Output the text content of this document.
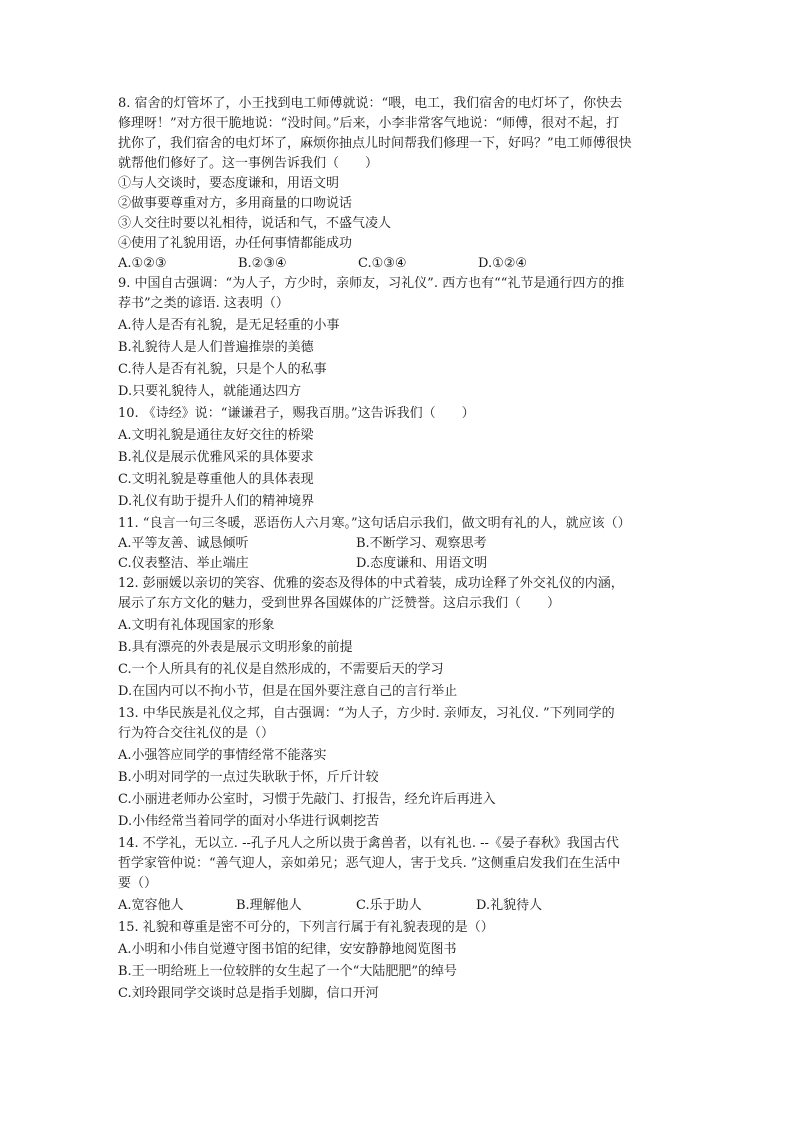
8. 宿舍的灯管坏了，小王找到电工师傅就说：“喂，电工，我们宿舍的电灯坏了，你快去
修理呀！”对方很干脆地说：“没时间。”后来，小李非常客气地说：“师傅，很对不起，打
扰你了，我们宿舍的电灯坏了，麻烦你抽点儿时间帮我们修理一下，好吗？”电工师傅很快
就帮他们修好了。这一事例告诉我们（　　）
①与人交谈时，要态度谦和，用语文明
②做事要尊重对方，多用商量的口吻说话
③人交往时要以礼相待，说话和气，不盛气凌人
④使用了礼貌用语，办任何事情都能成功
A.①②③	B.②③④	C.①③④	D.①②④
9. 中国自古强调：“为人子，方少时，亲师友，习礼仪”. 西方也有““礼节是通行四方的推
荐书”之类的谚语. 这表明（）
A.待人是否有礼貌，是无足轻重的小事
B.礼貌待人是人们普遍推崇的美德
C.待人是否有礼貌，只是个人的私事
D.只要礼貌待人，就能通达四方
10. 《诗经》说：“谦谦君子，赐我百朋。”这告诉我们（　　）
A.文明礼貌是通往友好交往的桥梁
B.礼仪是展示优雅风采的具体要求
C.文明礼貌是尊重他人的具体表现
D.礼仪有助于提升人们的精神境界
11. “良言一句三冬暖，恶语伤人六月寒。”这句话启示我们，做文明有礼的人，就应该（）
A.平等友善、诚恳倾听	B.不断学习、观察思考
C.仪表整洁、举止端庄	D.态度谦和、用语文明
12. 彭丽媛以亲切的笑容、优雅的姿态及得体的中式着装，成功诠释了外交礼仪的内涵，
展示了东方文化的魅力，受到世界各国媒体的广泛赞誉。这启示我们（　　）
A.文明有礼体现国家的形象
B.具有漂亮的外表是展示文明形象的前提
C.一个人所具有的礼仪是自然形成的，不需要后天的学习
D.在国内可以不拘小节，但是在国外要注意自己的言行举止
13. 中华民族是礼仪之邦，自古强调：“为人子，方少时. 亲师友，习礼仪. ”下列同学的
行为符合交往礼仪的是（）
A.小强答应同学的事情经常不能落实
B.小明对同学的一点过失耿耿于怀，斤斤计较
C.小丽进老师办公室时，习惯于先敲门、打报告，经允许后再进入
D.小伟经常当着同学的面对小华进行讽刺挖苦
14. 不学礼，无以立. --孔子凡人之所以贵于禽兽者，以有礼也. --《晏子春秋》我国古代
哲学家管仲说：“善气迎人，亲如弟兄；恶气迎人，害于戈兵. ”这侧重启发我们在生活中
要（）
A.宽容他人	B.理解他人	C.乐于助人	D.礼貌待人
15. 礼貌和尊重是密不可分的，下列言行属于有礼貌表现的是（）
A.小明和小伟自觉遵守图书馆的纪律，安安静静地阅览图书
B.王一明给班上一位较胖的女生起了一个“大陆肥肥”的绰号
C.刘玲跟同学交谈时总是指手划脚，信口开河
